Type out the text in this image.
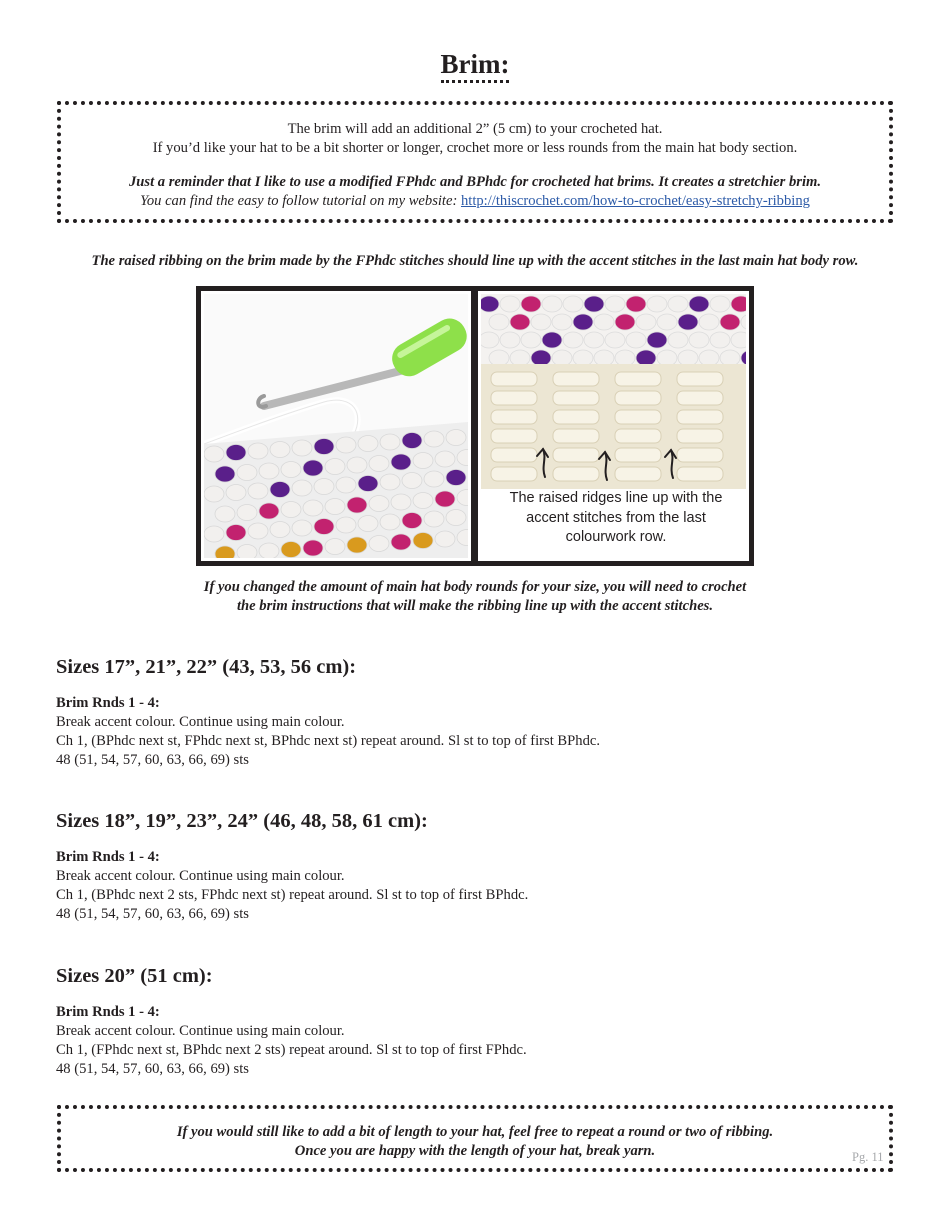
Brim:
The brim will add an additional 2” (5 cm) to your crocheted hat.
If you’d like your hat to be a bit shorter or longer, crochet more or less rounds from the main hat body section.
Just a reminder that I like to use a modified FPhdc and BPhdc for crocheted hat brims. It creates a stretchier brim.
You can find the easy to follow tutorial on my website: http://thiscrochet.com/how-to-crochet/easy-stretchy-ribbing
The raised ribbing on the brim made by the FPhdc stitches should line up with the accent stitches in the last main hat body row.
The raised ridges line up with the
accent stitches from the last
colourwork row.
If you changed the amount of main hat body rounds for your size, you will need to crochet
the brim instructions that will make the ribbing line up with the accent stitches.
Sizes 17”, 21”, 22” (43, 53, 56 cm):
Brim Rnds 1 - 4:
Break accent colour. Continue using main colour.
Ch 1, (BPhdc next st, FPhdc next st, BPhdc next st) repeat around. Sl st to top of first BPhdc.
48 (51, 54, 57, 60, 63, 66, 69) sts
Sizes 18”, 19”, 23”, 24” (46, 48, 58, 61 cm):
Brim Rnds 1 - 4:
Break accent colour. Continue using main colour.
Ch 1, (BPhdc next 2 sts, FPhdc next st) repeat around. Sl st to top of first BPhdc.
48 (51, 54, 57, 60, 63, 66, 69) sts
Sizes 20” (51 cm):
Brim Rnds 1 - 4:
Break accent colour. Continue using main colour.
Ch 1, (FPhdc next st, BPhdc next 2 sts) repeat around. Sl st to top of first FPhdc.
48 (51, 54, 57, 60, 63, 66, 69) sts
If you would still like to add a bit of length to your hat, feel free to repeat a round or two of ribbing.
Once you are happy with the length of your hat, break yarn.	Pg. 11
